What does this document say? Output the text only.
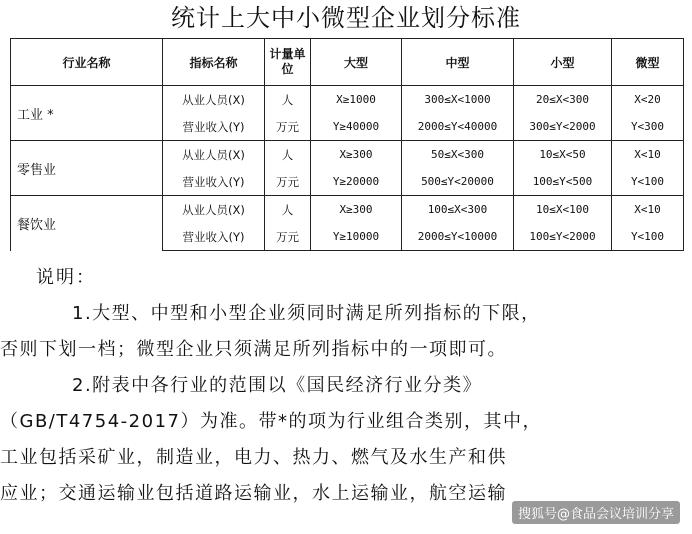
统计上大中小微型企业划分标准
行业名称	指标名称	计量单位	大型	中型	小型	微型
工业 *	从业人员(X)	人	X≥1000	300≤X<1000	20≤X<300	X<20
	营业收入(Y)	万元	Y≥40000	2000≤Y<40000	300≤Y<2000	Y<300
零售业	从业人员(X)	人	X≥300	50≤X<300	10≤X<50	X<10
	营业收入(Y)	万元	Y≥20000	500≤Y<20000	100≤Y<500	Y<100
餐饮业	从业人员(X)	人	X≥300	100≤X<300	10≤X<100	X<10
	营业收入(Y)	万元	Y≥10000	2000≤Y<10000	100≤Y<2000	Y<100

说明：

1.大型、中型和小型企业须同时满足所列指标的下限，

否则下划一档；微型企业只须满足所列指标中的一项即可。

2.附表中各行业的范围以《国民经济行业分类》

（GB/T4754-2017）为准。带*的项为行业组合类别，其中，

工业包括采矿业，制造业，电力、热力、燃气及水生产和供

应业；交通运输业包括道路运输业，水上运输业，航空运输

搜狐号@食品会议培训分享
